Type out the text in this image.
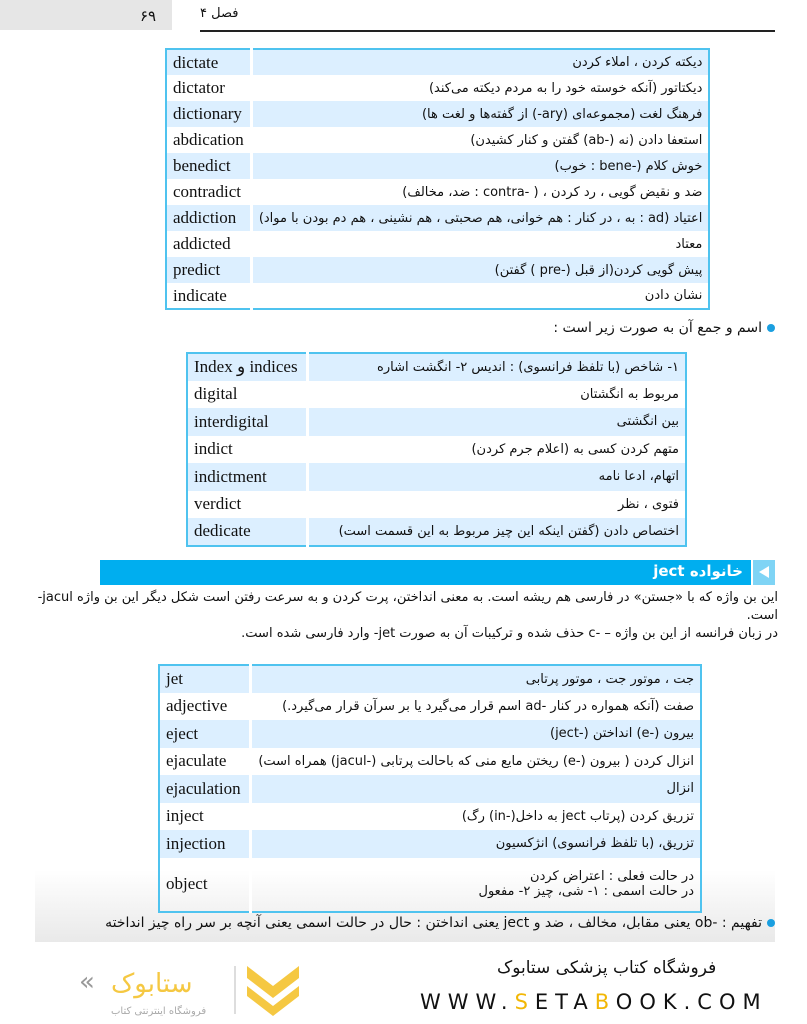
۶۹	فصل ۴
dictate	دیکته کردن ، املاء کردن
dictator	دیکتاتور (آنکه خوسته خود را به مردم دیکته می‌کند)
dictionary	فرهنگ لغت (مجموعه‌ای (‎-ary‎) از گفته‌ها و لغت ها)
abdication	استعفا دادن (نه (‎ab-‎) گفتن و کنار کشیدن)
benedict	خوش کلام (‎bene-‎ : خوب)
contradict	ضد و نقیض گویی ، رد کردن ، ( ‎contra-‎ : ضد، مخالف)
addiction	اعتیاد (‎ad‎ : به ، در کنار : هم خوانی، هم صحبتی ، هم نشینی ، هم دم بودن با مواد)
addicted	معتاد
predict	پیش گویی کردن(از قبل (‎pre-‎ ) گفتن)
indicate	نشان دادن
اسم و جمع آن به صورت زیر است :
Index و indices	۱- شاخص (با تلفظ فرانسوی) : اندیس ۲- انگشت اشاره
digital	مربوط به انگشتان
interdigital	بین انگشتی
indict	متهم کردن کسی به (اعلام جرم کردن)
indictment	اتهام، ادعا نامه
verdict	فتوی ، نظر
dedicate	اختصاص دادن (گفتن اینکه این چیز مربوط به این قسمت است)
خانواده ject
این بن واژه که با «جستن» در فارسی هم ریشه است. به معنی انداختن، پرت کردن و به سرعت رفتن است شکل دیگر این بن واژه ‎-jacul‎ است.
در زبان فرانسه از این بن واژه – ‎c-‎ حذف شده و ترکیبات آن به صورت ‎-jet‎ وارد فارسی شده است.
jet	جت ، موتور جت ، موتور پرتابی
adjective	صفت (آنکه همواره در کنار ‎ad-‎ اسم قرار می‌گیرد یا بر سرآن قرار می‌گیرد.)
eject	بیرون (‎e-‎) انداختن (‎ject-‎)
ejaculate	انزال کردن ( بیرون (‎e-‎) ریختن مایع منی که باحالت پرتابی (‎jacul-‎) همراه است)
ejaculation	انزال
inject	تزریق کردن (پرتاب ject به داخل(‎in-‎) رگ)
injection	تزریق، (با تلفظ فرانسوی) انژکسیون
object	در حالت فعلی : اعتراض کردن
در حالت اسمی : ۱- شی، چیز ۲- مفعول
تفهیم : ‎ob-‎ یعنی مقابل، مخالف ، ضد و ject یعنی انداختن : حال در حالت اسمی یعنی آنچه بر سر راه چیز انداخته
« ستابوک
فروشگاه اینترنتی کتاب
فروشگاه کتاب پزشکی ستابوک
WWW.SETABOOK.COM
